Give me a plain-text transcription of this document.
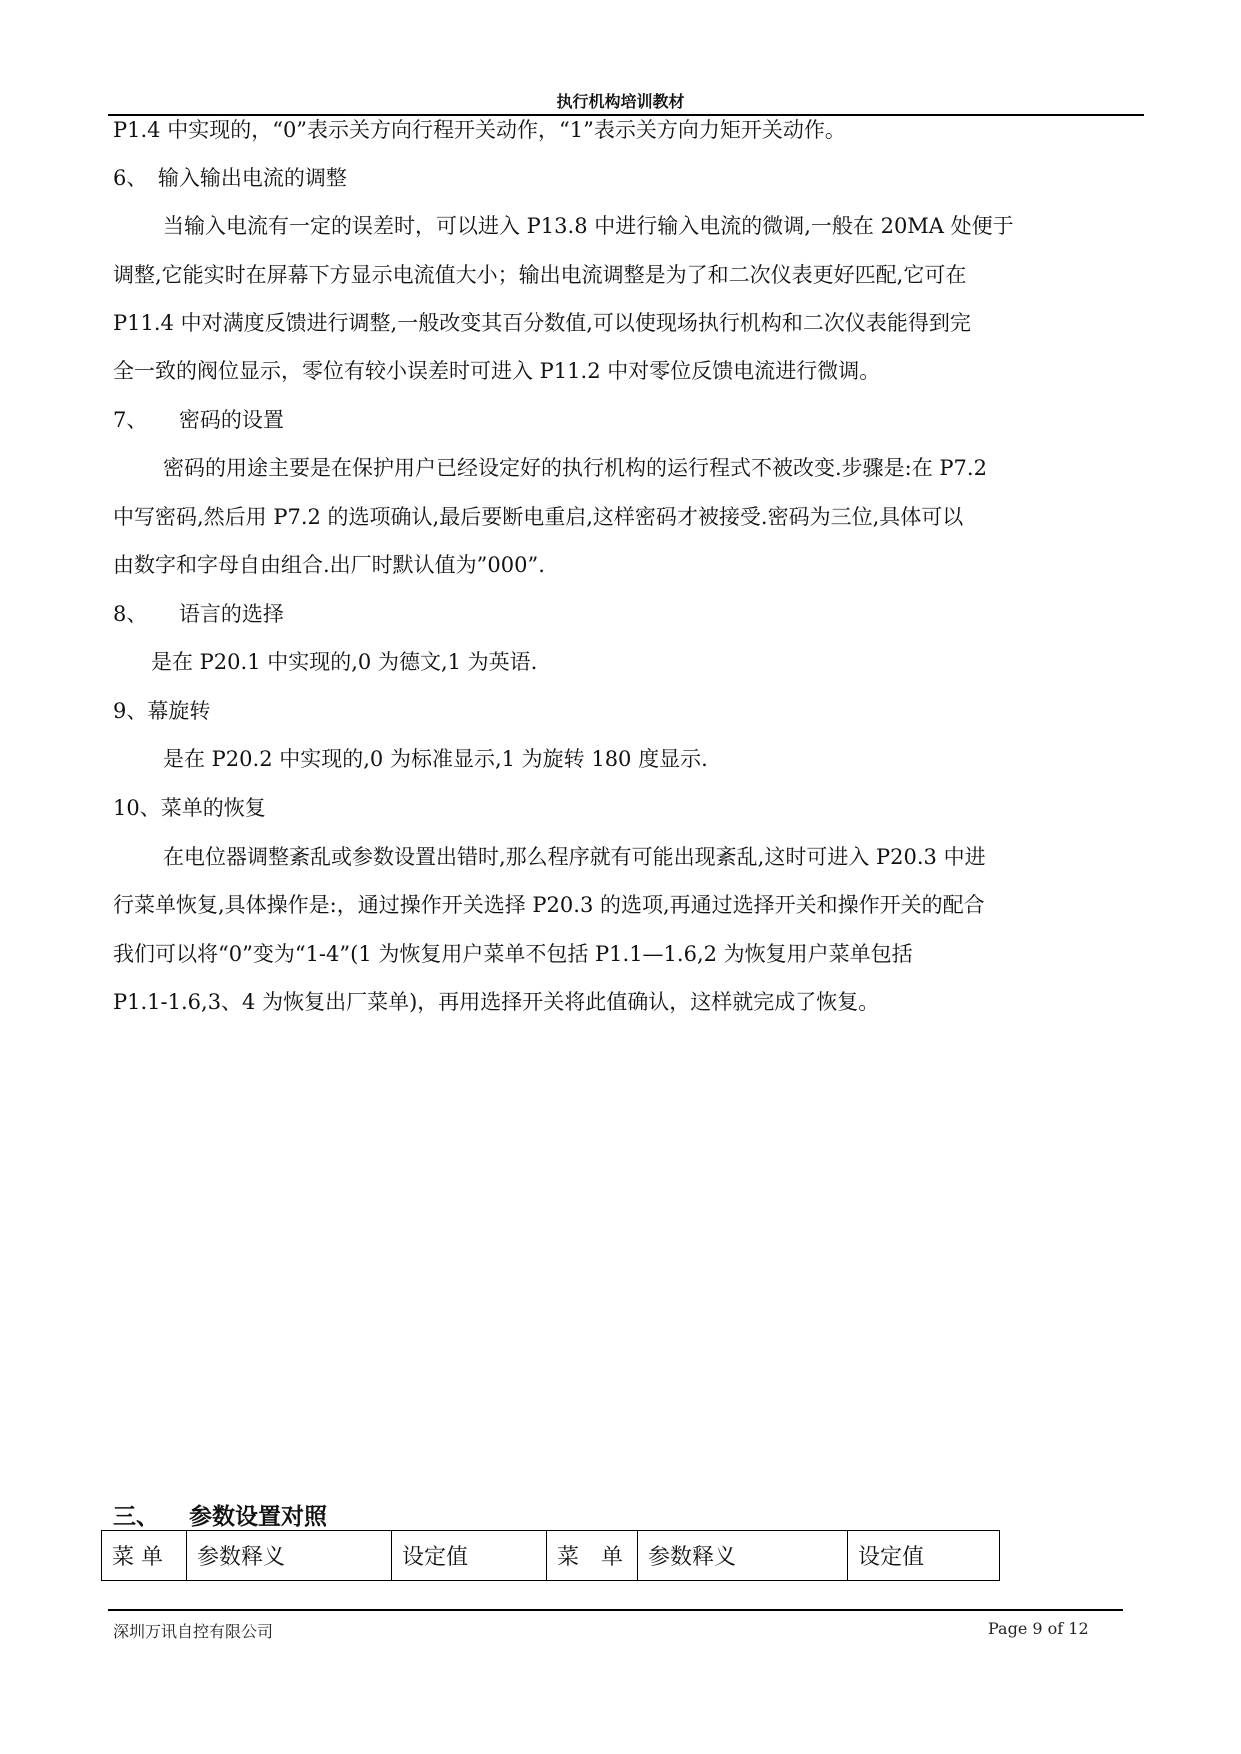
执行机构培训教材
P1.4 中实现的，“0”表示关方向行程开关动作，“1”表示关方向力矩开关动作。
6、　输入输出电流的调整
当输入电流有一定的误差时，可以进入 P13.8 中进行输入电流的微调,一般在 20MA 处便于
调整,它能实时在屏幕下方显示电流值大小；输出电流调整是为了和二次仪表更好匹配,它可在
P11.4 中对满度反馈进行调整,一般改变其百分数值,可以使现场执行机构和二次仪表能得到完
全一致的阀位显示，零位有较小误差时可进入 P11.2 中对零位反馈电流进行微调。
7、　　密码的设置
密码的用途主要是在保护用户已经设定好的执行机构的运行程式不被改变.步骤是:在 P7.2
中写密码,然后用 P7.2 的选项确认,最后要断电重启,这样密码才被接受.密码为三位,具体可以
由数字和字母自由组合.出厂时默认值为”000”.
8、　　语言的选择
是在 P20.1 中实现的,0 为德文,1 为英语.
9、幕旋转
是在 P20.2 中实现的,0 为标准显示,1 为旋转 180 度显示.
10、菜单的恢复
在电位器调整紊乱或参数设置出错时,那么程序就有可能出现紊乱,这时可进入 P20.3 中进
行菜单恢复,具体操作是:，通过操作开关选择 P20.3 的选项,再通过选择开关和操作开关的配合
我们可以将“0”变为“1-4”(1 为恢复用户菜单不包括 P1.1—1.6,2 为恢复用户菜单包括
P1.1-1.6,3、4 为恢复出厂菜单)，再用选择开关将此值确认，这样就完成了恢复。
三、 参数设置对照
菜 单	参数释义	设定值	菜　单	参数释义	设定值
深圳万讯自控有限公司	Page 9 of 12
